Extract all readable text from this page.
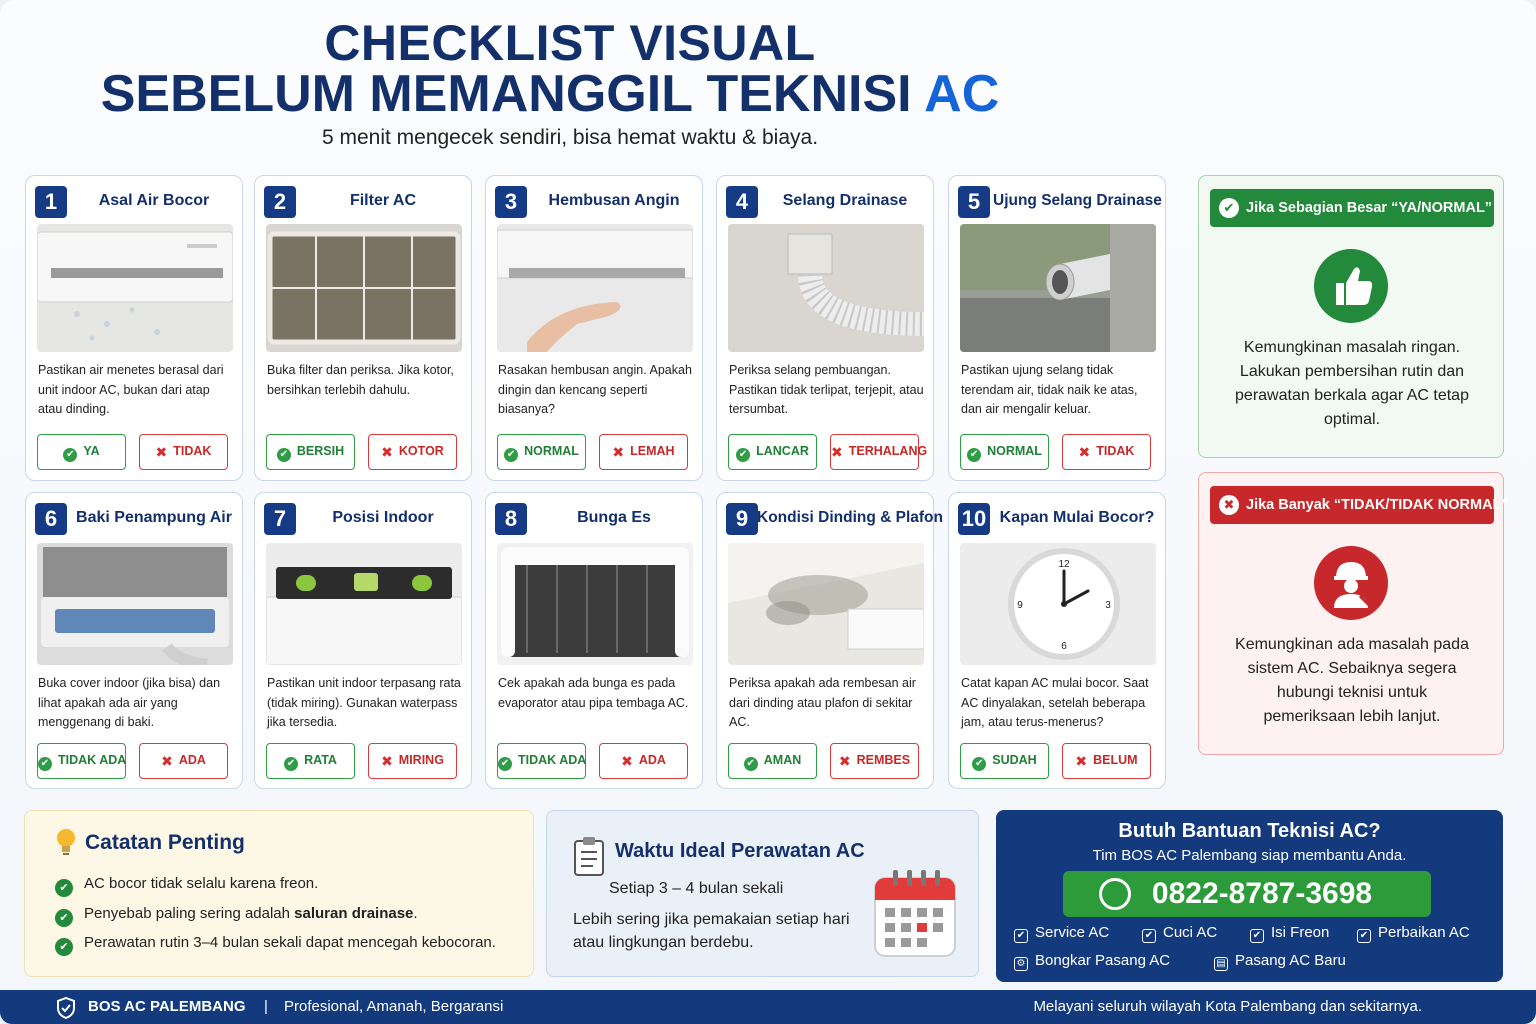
CHECKLIST VISUAL
SEBELUM MEMANGGIL TEKNISI AC
5 menit mengecek sendiri, bisa hemat waktu & biaya.
1	Asal Air Bocor
Pastikan air menetes berasal dari unit indoor AC, bukan dari atap atau dinding.
✔ YA	✖ TIDAK
2	Filter AC
Buka filter dan periksa. Jika kotor, bersihkan terlebih dahulu.
✔ BERSIH	✖ KOTOR
3	Hembusan Angin
Rasakan hembusan angin. Apakah dingin dan kencang seperti biasanya?
✔ NORMAL	✖ LEMAH
4	Selang Drainase
Periksa selang pembuangan. Pastikan tidak terlipat, terjepit, atau tersumbat.
✔ LANCAR	✖ TERHALANG
5 Ujung Selang Drainase
Pastikan ujung selang tidak terendam air, tidak naik ke atas, dan air mengalir keluar.
✔ NORMAL	✖ TIDAK
6	Baki Penampung Air
Buka cover indoor (jika bisa) dan lihat apakah ada air yang menggenang di baki.
✔ TIDAK ADA	✖ ADA
7	Posisi Indoor
Pastikan unit indoor terpasang rata (tidak miring). Gunakan waterpass jika tersedia.
✔ RATA	✖ MIRING
8	Bunga Es
Cek apakah ada bunga es pada evaporator atau pipa tembaga AC.
✔ TIDAK ADA	✖ ADA
9 Kondisi Dinding & Plafon
Periksa apakah ada rembesan air dari dinding atau plafon di sekitar AC.
✔ AMAN	✖ REMBES
10 Kapan Mulai Bocor?
12
6
3
9
Catat kapan AC mulai bocor. Saat AC dinyalakan, setelah beberapa jam, atau terus-menerus?
✔ SUDAH	✖ BELUM
✔ Jika Sebagian Besar “YA/NORMAL”
Kemungkinan masalah ringan. Lakukan pembersihan rutin dan perawatan berkala agar AC tetap optimal.
✖ Jika Banyak “TIDAK/TIDAK NORMAL”
Kemungkinan ada masalah pada sistem AC. Sebaiknya segera hubungi teknisi untuk pemeriksaan lebih lanjut.
Catatan Penting
✔ AC bocor tidak selalu karena freon.
✔ Penyebab paling sering adalah saluran drainase.
✔ Perawatan rutin 3–4 bulan sekali dapat mencegah kebocoran.
Waktu Ideal Perawatan AC
Setiap 3 – 4 bulan sekali
Lebih sering jika pemakaian setiap hari atau lingkungan berdebu.
Butuh Bantuan Teknisi AC?
Tim BOS AC Palembang siap membantu Anda.
0822-8787-3698
✔ Service AC	✔ Cuci AC	✔ Isi Freon	✔ Perbaikan AC
⚙ Bongkar Pasang AC	▤ Pasang AC Baru
BOS AC PALEMBANG | Profesional, Amanah, Bergaransi	Melayani seluruh wilayah Kota Palembang dan sekitarnya.
